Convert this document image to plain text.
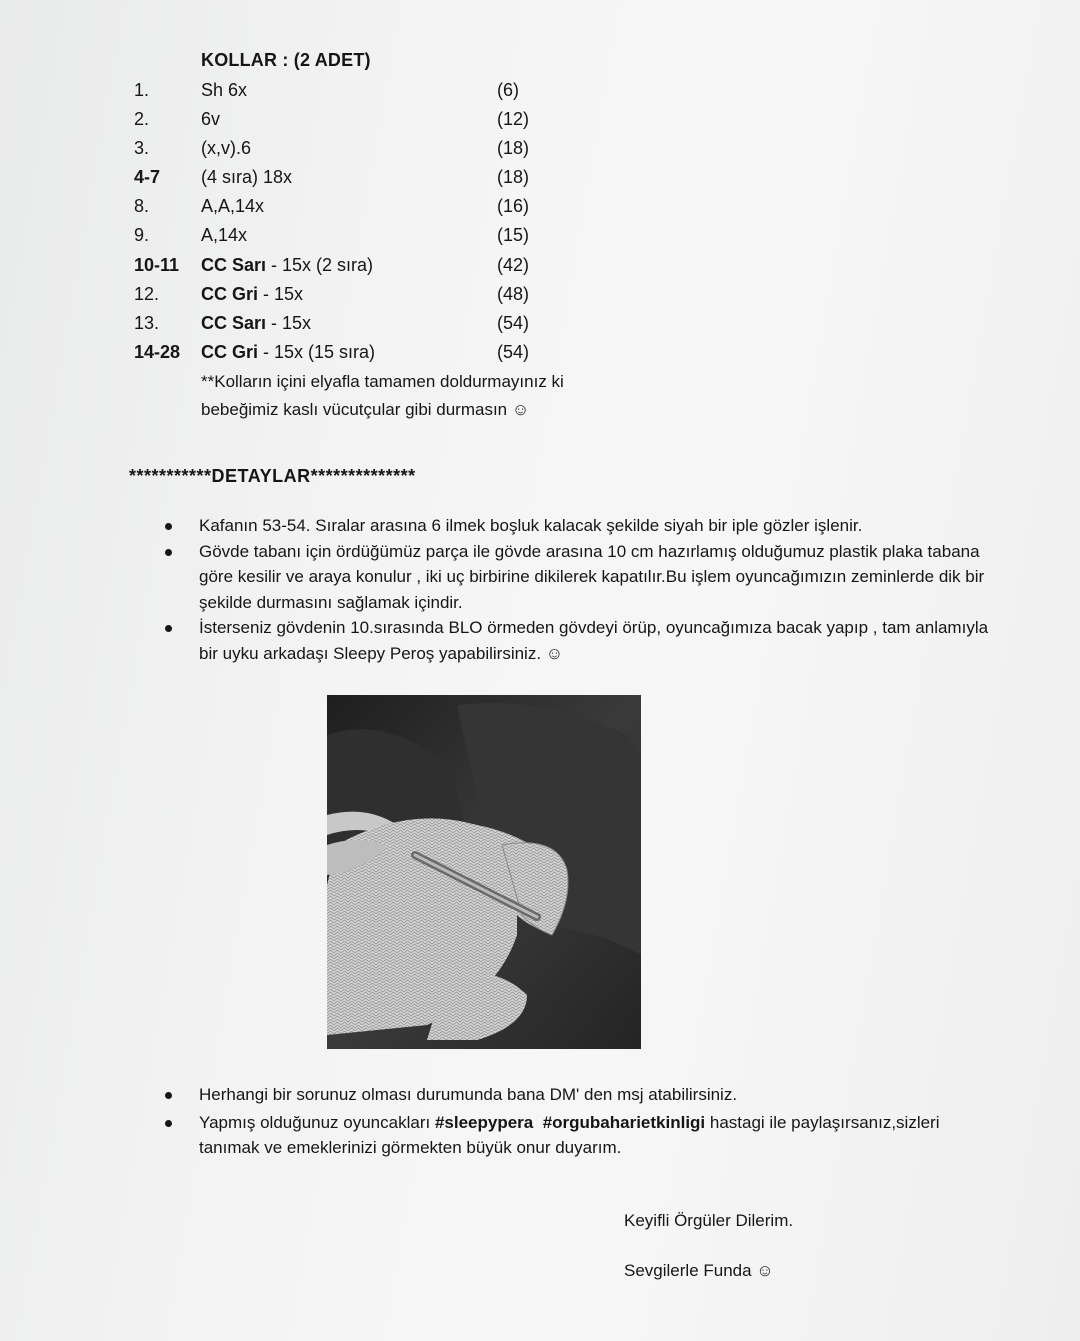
KOLLAR : (2 ADET)
1.	Sh 6x	(6)
2.	6v	(12)
3.	(x,v).6	(18)
4-7	(4 sıra) 18x	(18)
8.	A,A,14x	(16)
9.	A,14x	(15)
10-11	CC Sarı - 15x (2 sıra)	(42)
12.	CC Gri - 15x	(48)
13.	CC Sarı - 15x	(54)
14-28	CC Gri - 15x (15 sıra)	(54)
**Kolların içini elyafla tamamen doldurmayınız ki
bebeğimiz kaslı vücutçular gibi durmasın ☺
***********DETAYLAR**************

Kafanın 53-54. Sıralar arasına 6 ilmek boşluk kalacak şekilde siyah bir iple gözler işlenir.

Gövde tabanı için ördüğümüz parça ile gövde arasına 10 cm hazırlamış olduğumuz plastik plaka tabana göre kesilir ve araya konulur , iki uç birbirine dikilerek kapatılır.Bu işlem oyuncağımızın zeminlerde dik bir şekilde durmasını sağlamak içindir.

İsterseniz gövdenin 10.sırasında BLO örmeden gövdeyi örüp, oyuncağımıza bacak yapıp , tam anlamıyla bir uyku arkadaşı Sleepy Peroş yapabilirsiniz. ☺

Herhangi bir sorunuz olması durumunda bana DM' den msj atabilirsiniz.

Yapmış olduğunuz oyuncakları #sleepypera #orgubaharietkinligi hastagi ile paylaşırsanız,sizleri tanımak ve emeklerinizi görmekten büyük onur duyarım.

Keyifli Örgüler Dilerim.
Sevgilerle Funda ☺
